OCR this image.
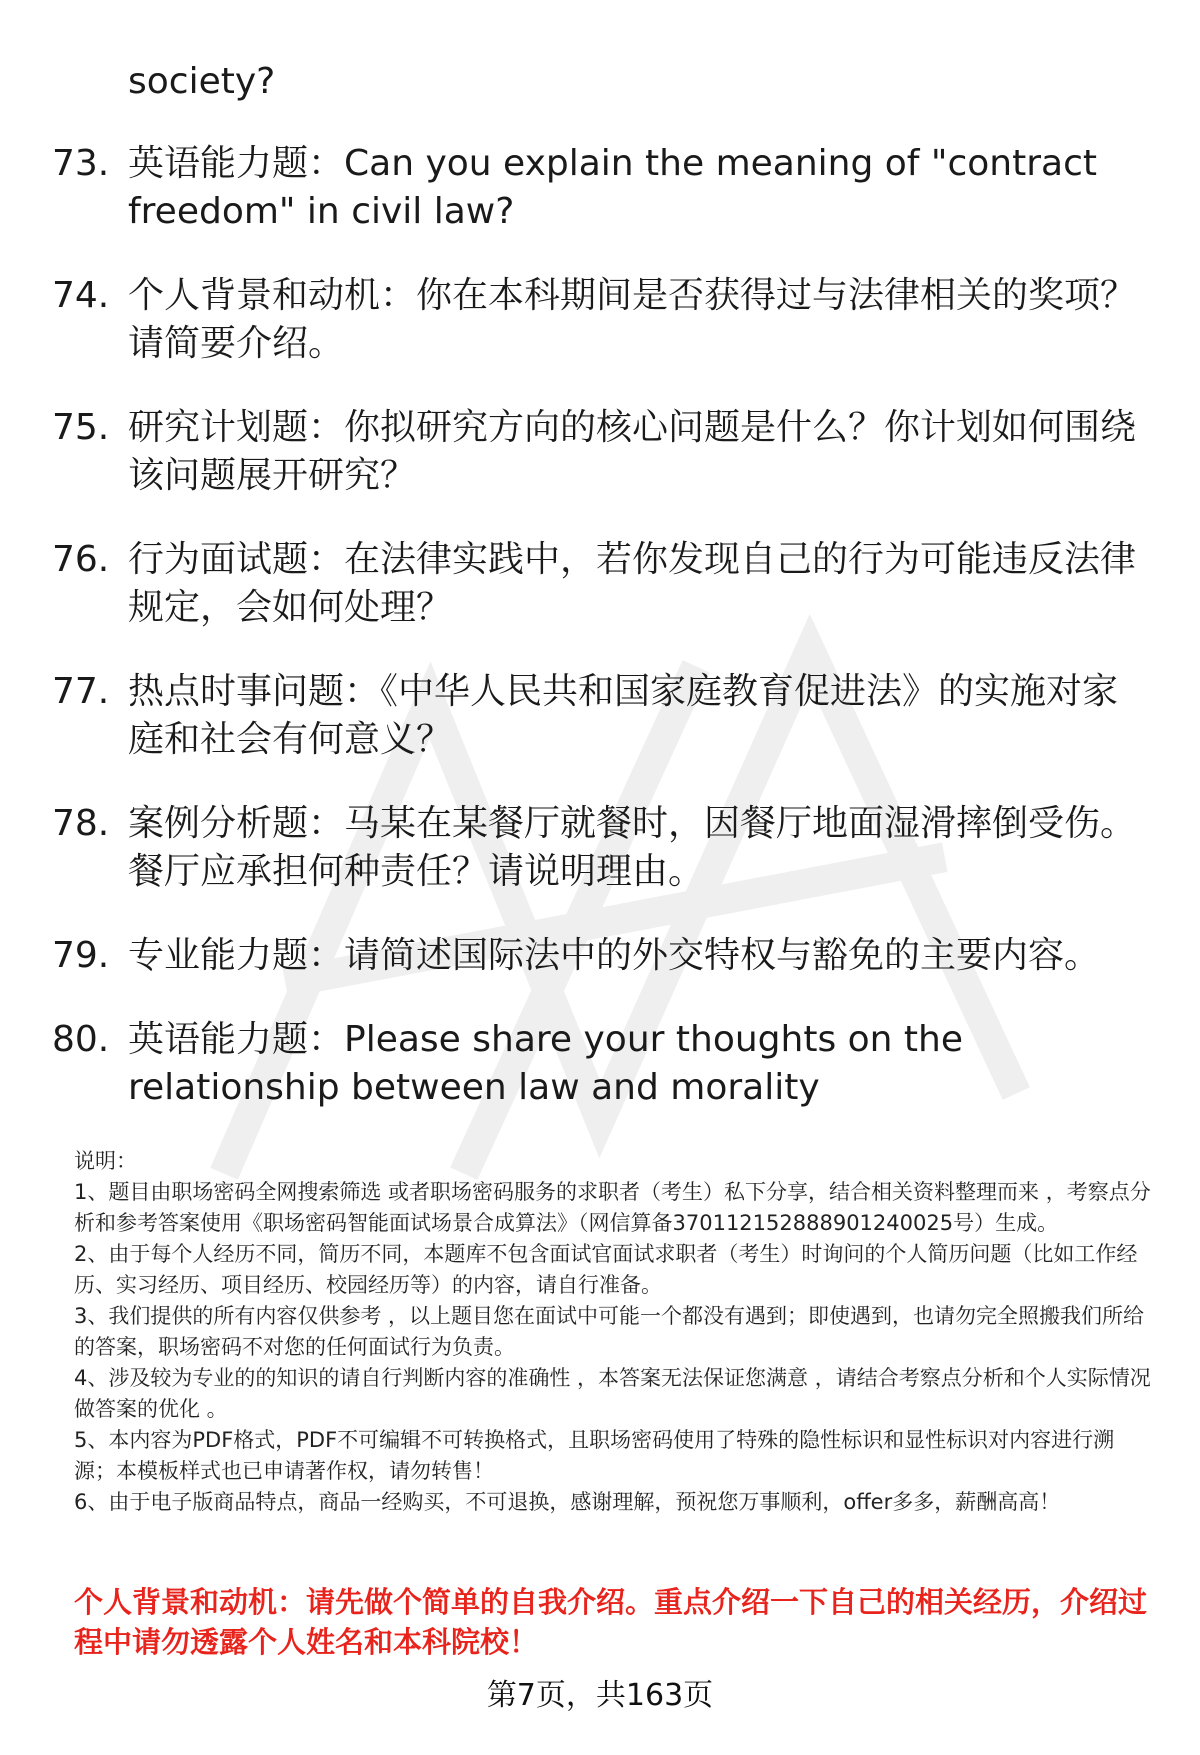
society?

73. 英语能力题：Can you explain the meaning of "contract freedom" in civil law?
74. 个人背景和动机：你在本科期间是否获得过与法律相关的奖项？请简要介绍。
75. 研究计划题：你拟研究方向的核心问题是什么？你计划如何围绕该问题展开研究？
76. 行为面试题：在法律实践中，若你发现自己的行为可能违反法律规定，会如何处理？
77. 热点时事问题：《中华人民共和国家庭教育促进法》的实施对家庭和社会有何意义？
78. 案例分析题：马某在某餐厅就餐时，因餐厅地面湿滑摔倒受伤。餐厅应承担何种责任？请说明理由。
79. 专业能力题：请简述国际法中的外交特权与豁免的主要内容。
80. 英语能力题：Please share your thoughts on the relationship between law and morality

说明：

1、题目由职场密码全网搜索筛选 或者职场密码服务的求职者（考生）私下分享，结合相关资料整理而来 ，考察点分析和参考答案使用《职场密码智能面试场景合成算法》（网信算备370112152888901240025号）生成。

2、由于每个人经历不同，简历不同，本题库不包含面试官面试求职者（考生）时询问的个人简历问题（比如工作经历、实习经历、项目经历、校园经历等）的内容，请自行准备。

3、我们提供的所有内容仅供参考 ，以上题目您在面试中可能一个都没有遇到；即使遇到，也请勿完全照搬我们所给的答案，职场密码不对您的任何面试行为负责。

4、涉及较为专业的的知识的请自行判断内容的准确性 ，本答案无法保证您满意 ，请结合考察点分析和个人实际情况做答案的优化 。

5、本内容为PDF格式，PDF不可编辑不可转换格式，且职场密码使用了特殊的隐性标识和显性标识对内容进行溯源；本模板样式也已申请著作权，请勿转售！

6、由于电子版商品特点，商品一经购买，不可退换，感谢理解，预祝您万事顺利，offer多多，薪酬高高！

个人背景和动机：请先做个简单的自我介绍。重点介绍一下自己的相关经历，介绍过程中请勿透露个人姓名和本科院校！

第7页，共163页
